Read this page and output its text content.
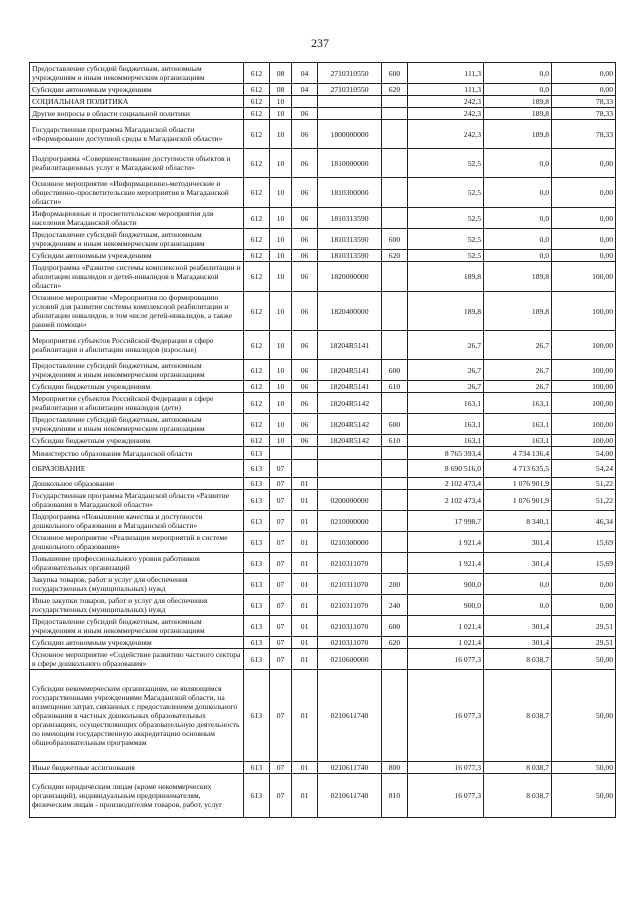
237
Предоставление субсидий бюджетным, автономным учреждениям и иным некоммерческим организациям	612	08	04	2710310550	600	111,3	0,0	0,00
Субсидии автономным учреждениям	612	08	04	2710310550	620	111,3	0,0	0,00
СОЦИАЛЬНАЯ ПОЛИТИКА	612	10				242,3	189,8	78,33
Другие вопросы в области социальной политики	612	10	06			242,3	189,8	78,33
Государственная программа Магаданской области «Формирование доступной среды в Магаданской области»	612	10	06	1800000000		242,3	189,8	78,33
Подпрограмма «Совершенствование доступности объектов и реабилитационных услуг в Магаданской области»	612	10	06	1810000000		52,5	0,0	0,00
Основное мероприятие «Информационно-методические и общественно-просветительские мероприятия в Магаданской области»	612	10	06	1810300000		52,5	0,0	0,00
Информационные и просветительские мероприятия для населения Магаданской области	612	10	06	1810313590		52,5	0,0	0,00
Предоставление субсидий бюджетным, автономным учреждениям и иным некоммерческим организациям	612	10	06	1810313590	600	52,5	0,0	0,00
Субсидии автономным учреждениям	612	10	06	1810313590	620	52,5	0,0	0,00
Подпрограмма «Развитие системы комплексной реабилитации и абилитации инвалидов и детей-инвалидов в Магаданской области»	612	10	06	1820000000		189,8	189,8	100,00
Основное мероприятие «Мероприятия по формированию условий для развития системы комплексной реабилитации и абилитации инвалидов, в том числе детей-инвалидов, а также ранней помощи»	612	10	06	1820400000		189,8	189,8	100,00
Мероприятия субъектов Российской Федерации в сфере реабилитации и абилитации инвалидов (взрослые)	612	10	06	18204R5141		26,7	26,7	100,00
Предоставление субсидий бюджетным, автономным учреждениям и иным некоммерческим организациям	612	10	06	18204R5141	600	26,7	26,7	100,00
Субсидии бюджетным учреждениям	612	10	06	18204R5141	610	26,7	26,7	100,00
Мероприятия субъектов Российской Федерации в сфере реабилитации и абилитации инвалидов (дети)	612	10	06	18204R5142		163,1	163,1	100,00
Предоставление субсидий бюджетным, автономным учреждениям и иным некоммерческим организациям	612	10	06	18204R5142	600	163,1	163,1	100,00
Субсидии бюджетным учреждениям	612	10	06	18204R5142	610	163,1	163,1	100,00
Министерство образования Магаданской области	613					8 765 393,4	4 734 136,4	54,00
ОБРАЗОВАНИЕ	613	07				8 690 516,0	4 713 635,5	54,24
Дошкольное образование	613	07	01			2 102 473,4	1 076 901,9	51,22
Государственная программа Магаданской области «Развитие образования в Магаданской области»	613	07	01	0200000000		2 102 473,4	1 076 901,9	51,22
Подпрограмма «Повышение качества и доступности дошкольного образования в Магаданской области»	613	07	01	0210000000		17 998,7	8 340,1	46,34
Основное мероприятие «Реализация мероприятий в системе дошкольного образования»	613	07	01	0210300000		1 921,4	301,4	15,69
Повышение профессионального уровня работников образовательных организаций	613	07	01	0210311070		1 921,4	301,4	15,69
Закупка товаров, работ и услуг для обеспечения государственных (муниципальных) нужд	613	07	01	0210311070	200	900,0	0,0	0,00
Иные закупки товаров, работ и услуг для обеспечения государственных (муниципальных) нужд	613	07	01	0210311070	240	900,0	0,0	0,00
Предоставление субсидий бюджетным, автономным учреждениям и иным некоммерческим организациям	613	07	01	0210311070	600	1 021,4	301,4	29,51
Субсидии автономным учреждениям	613	07	01	0210311070	620	1 021,4	301,4	29,51
Основное мероприятие «Содействие развитию частного сектора в сфере дошкольного образования»	613	07	01	0210600000		16 077,3	8 038,7	50,00
Субсидии некоммерческим организациям, не являющимся государственными учреждениями Магаданской области, на возмещение затрат, связанных с предоставлением дошкольного образования в частных дошкольных образовательных организациях, осуществляющих образовательную деятельность по имеющим государственную аккредитацию основным общеобразовательным программам	613	07	01	0210611740		16 077,3	8 038,7	50,00
Иные бюджетные ассигнования	613	07	01	0210611740	800	16 077,3	8 038,7	50,00
Субсидии юридическим лицам (кроме некоммерческих организаций), индивидуальным предпринимателям, физическим лицам - производителям товаров, работ, услуг	613	07	01	0210611740	810	16 077,3	8 038,7	50,00
